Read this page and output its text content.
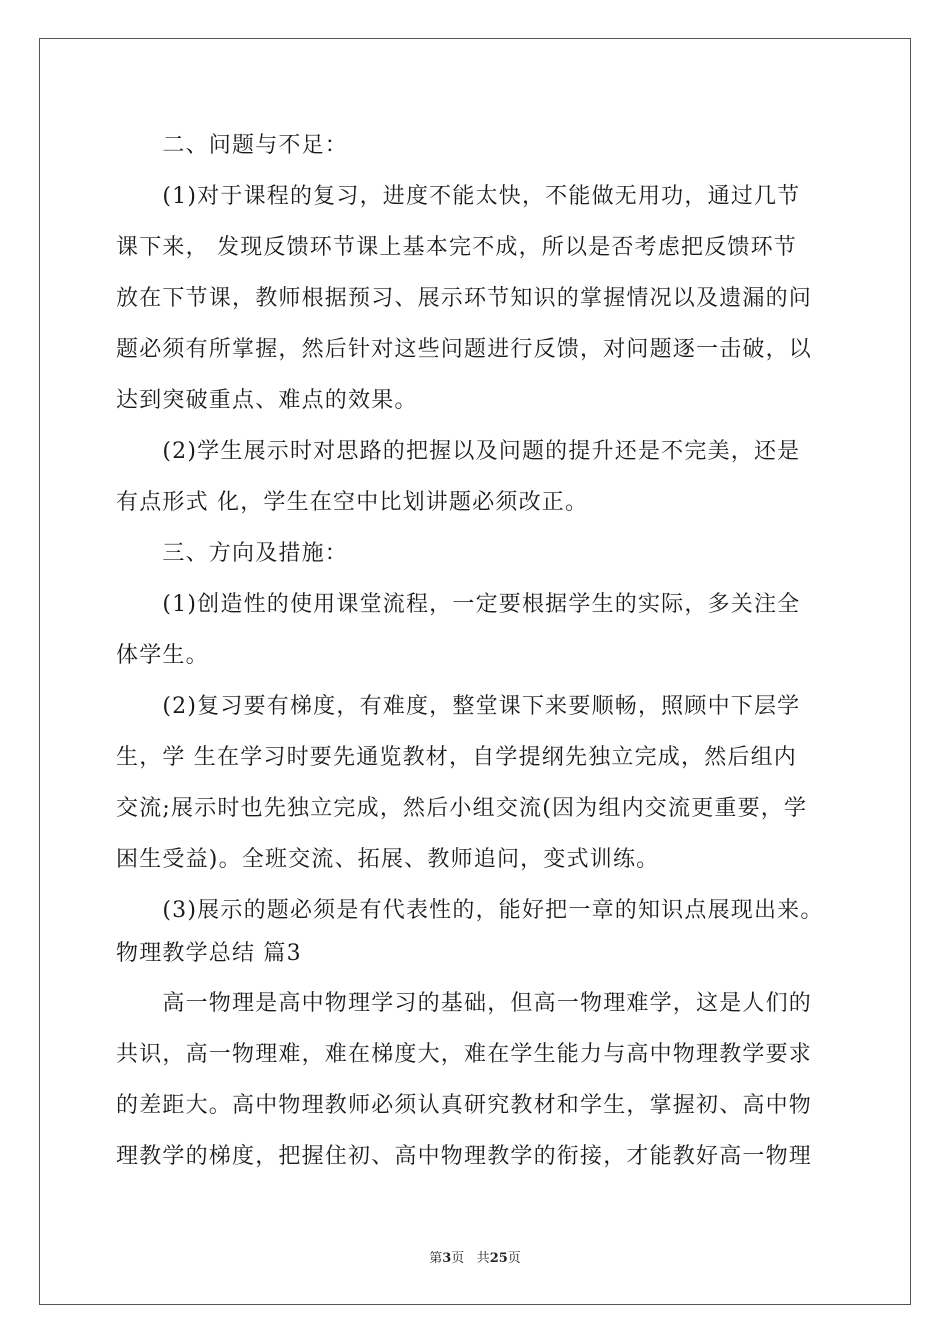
　　二、问题与不足：
　　(1)对于课程的复习，进度不能太快，不能做无用功，通过几节
课下来， 发现反馈环节课上基本完不成，所以是否考虑把反馈环节
放在下节课，教师根据预习、展示环节知识的掌握情况以及遗漏的问
题必须有所掌握，然后针对这些问题进行反馈，对问题逐一击破，以
达到突破重点、难点的效果。
　　(2)学生展示时对思路的把握以及问题的提升还是不完美，还是
有点形式 化，学生在空中比划讲题必须改正。
　　三、方向及措施：
　　(1)创造性的使用课堂流程，一定要根据学生的实际，多关注全
体学生。
　　(2)复习要有梯度，有难度，整堂课下来要顺畅，照顾中下层学
生，学 生在学习时要先通览教材，自学提纲先独立完成，然后组内
交流;展示时也先独立完成，然后小组交流(因为组内交流更重要，学
困生受益)。全班交流、拓展、教师追问，变式训练。
　　(3)展示的题必须是有代表性的，能好把一章的知识点展现出来。
物理教学总结 篇3
　　高一物理是高中物理学习的基础，但高一物理难学，这是人们的
共识，高一物理难，难在梯度大，难在学生能力与高中物理教学要求
的差距大。高中物理教师必须认真研究教材和学生，掌握初、高中物
理教学的梯度，把握住初、高中物理教学的衔接，才能教好高一物理
第3页 共25页
